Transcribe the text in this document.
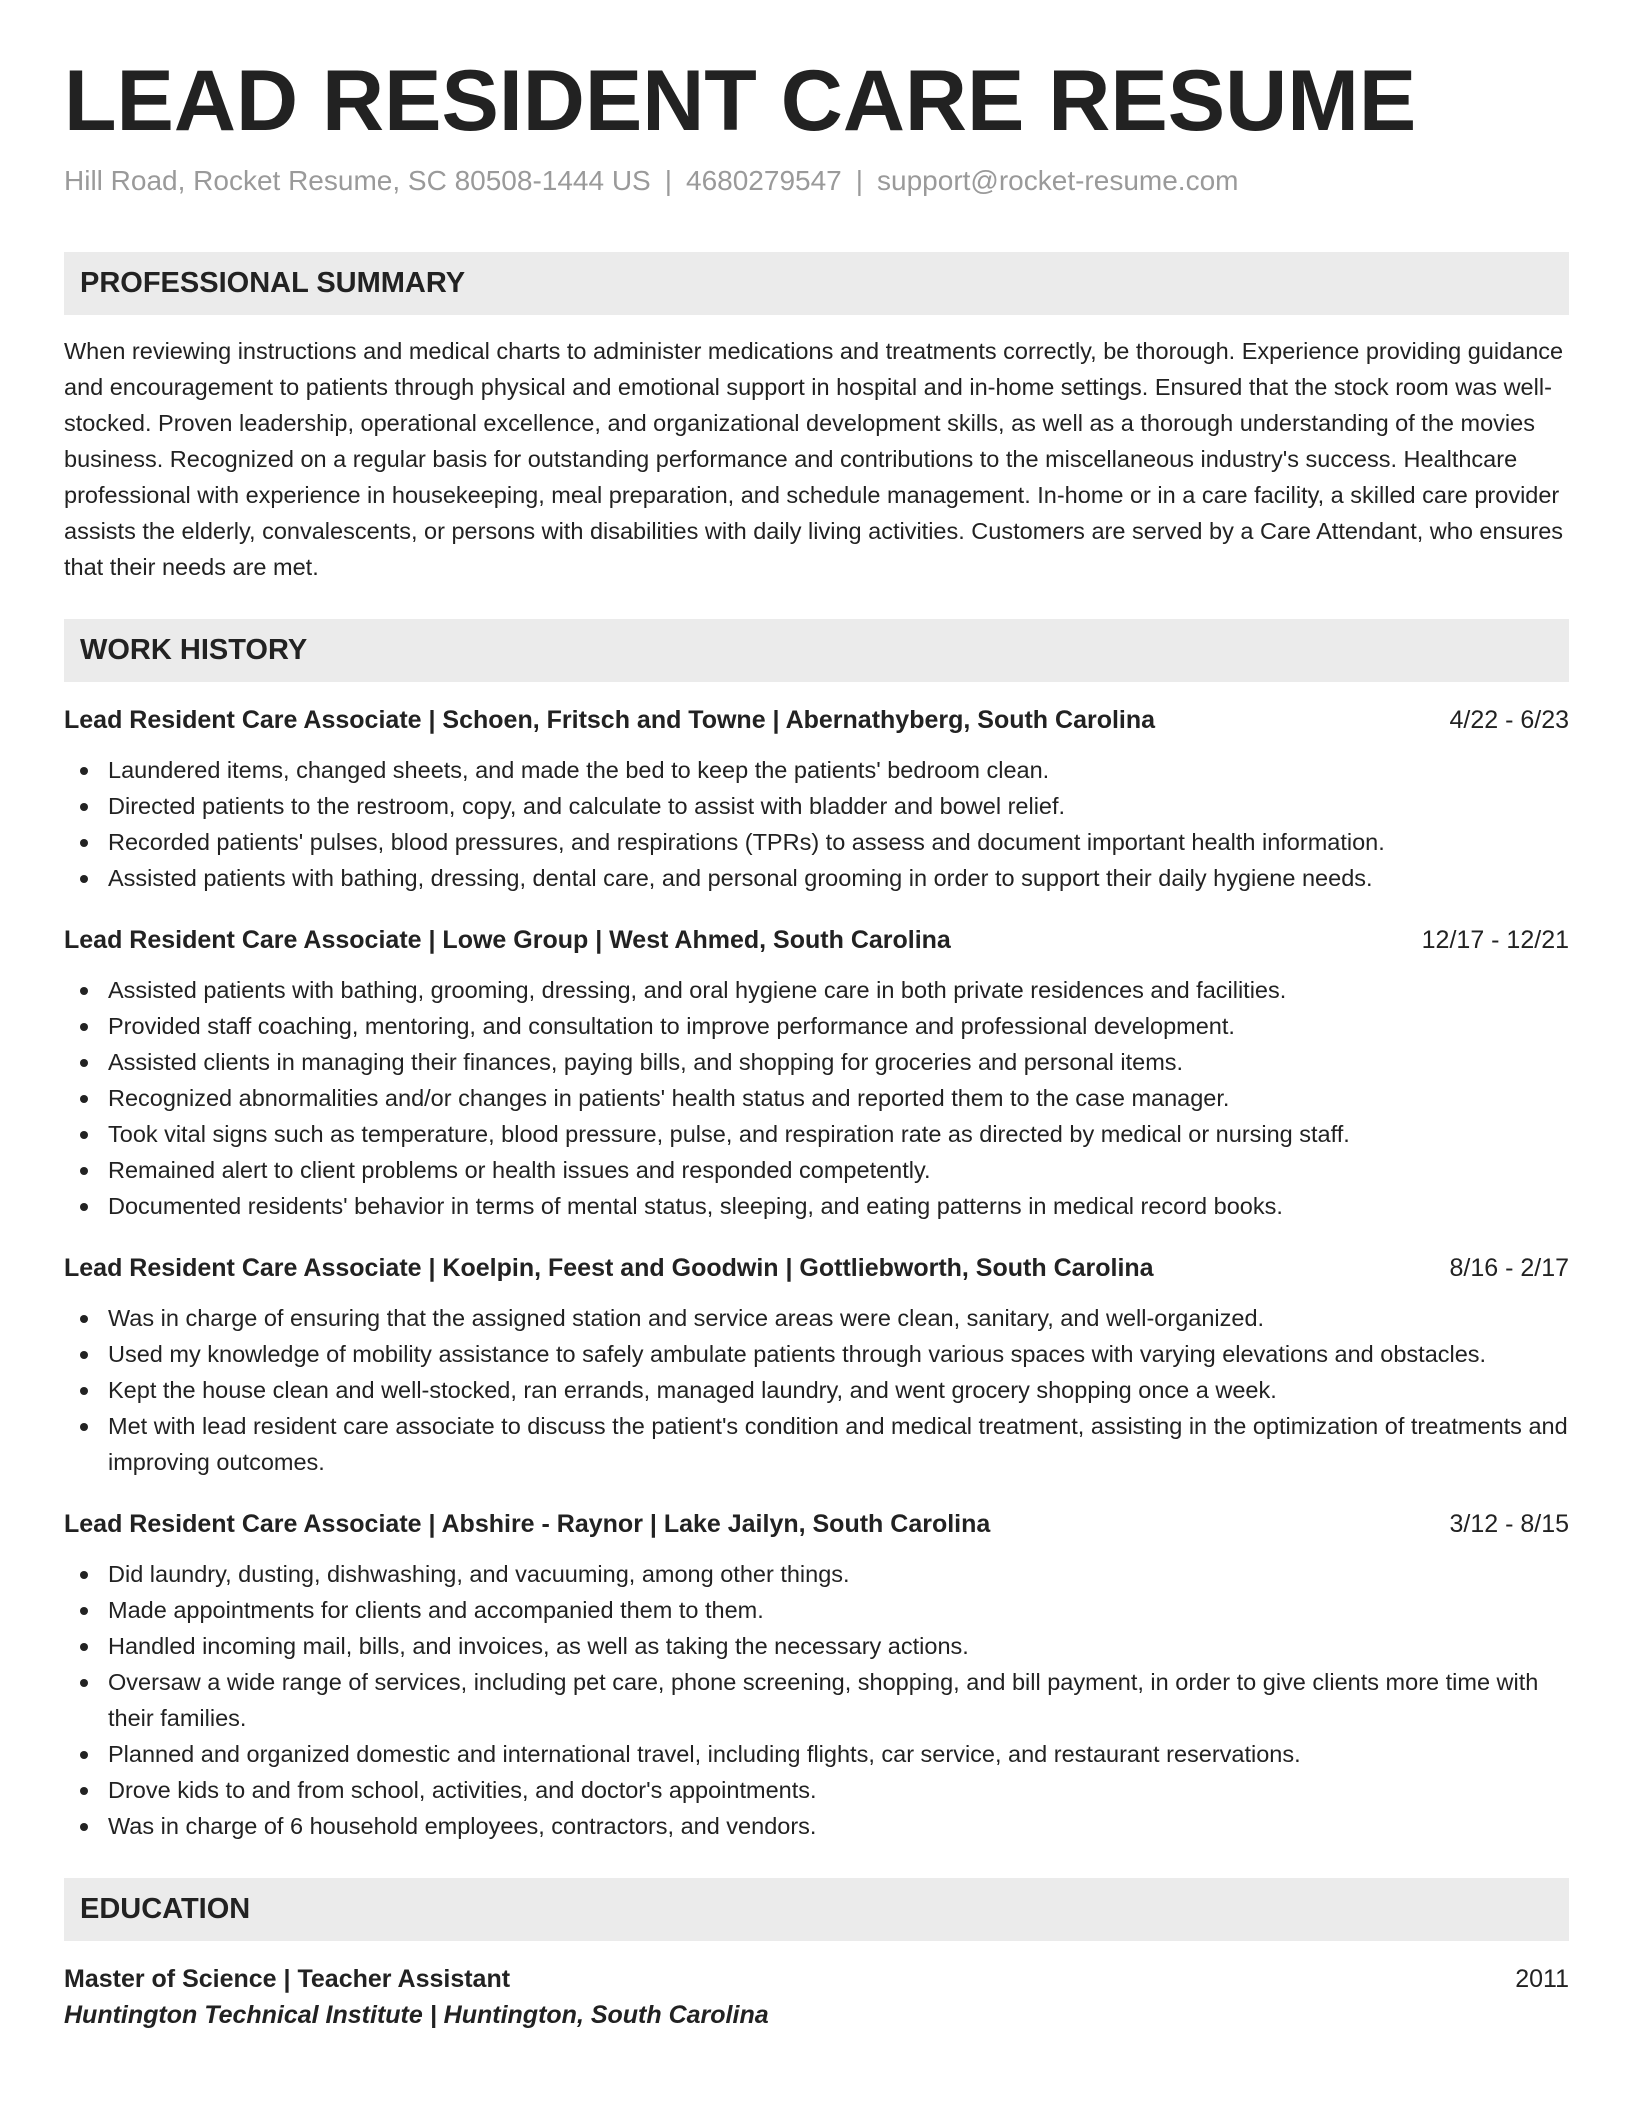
LEAD RESIDENT CARE RESUME
Hill Road, Rocket Resume, SC 80508-1444 US | 4680279547 | support@rocket-resume.com
PROFESSIONAL SUMMARY
When reviewing instructions and medical charts to administer medications and treatments correctly, be thorough. Experience providing guidance and encouragement to patients through physical and emotional support in hospital and in-home settings. Ensured that the stock room was well-stocked. Proven leadership, operational excellence, and organizational development skills, as well as a thorough understanding of the movies business. Recognized on a regular basis for outstanding performance and contributions to the miscellaneous industry's success. Healthcare professional with experience in housekeeping, meal preparation, and schedule management. In-home or in a care facility, a skilled care provider assists the elderly, convalescents, or persons with disabilities with daily living activities. Customers are served by a Care Attendant, who ensures that their needs are met.
WORK HISTORY
Lead Resident Care Associate | Schoen, Fritsch and Towne | Abernathyberg, South Carolina	4/22 - 6/23
Laundered items, changed sheets, and made the bed to keep the patients' bedroom clean.
Directed patients to the restroom, copy, and calculate to assist with bladder and bowel relief.
Recorded patients' pulses, blood pressures, and respirations (TPRs) to assess and document important health information.
Assisted patients with bathing, dressing, dental care, and personal grooming in order to support their daily hygiene needs.
Lead Resident Care Associate | Lowe Group | West Ahmed, South Carolina	12/17 - 12/21
Assisted patients with bathing, grooming, dressing, and oral hygiene care in both private residences and facilities.
Provided staff coaching, mentoring, and consultation to improve performance and professional development.
Assisted clients in managing their finances, paying bills, and shopping for groceries and personal items.
Recognized abnormalities and/or changes in patients' health status and reported them to the case manager.
Took vital signs such as temperature, blood pressure, pulse, and respiration rate as directed by medical or nursing staff.
Remained alert to client problems or health issues and responded competently.
Documented residents' behavior in terms of mental status, sleeping, and eating patterns in medical record books.
Lead Resident Care Associate | Koelpin, Feest and Goodwin | Gottliebworth, South Carolina	8/16 - 2/17
Was in charge of ensuring that the assigned station and service areas were clean, sanitary, and well-organized.
Used my knowledge of mobility assistance to safely ambulate patients through various spaces with varying elevations and obstacles.
Kept the house clean and well-stocked, ran errands, managed laundry, and went grocery shopping once a week.
Met with lead resident care associate to discuss the patient's condition and medical treatment, assisting in the optimization of treatments and improving outcomes.
Lead Resident Care Associate | Abshire - Raynor | Lake Jailyn, South Carolina	3/12 - 8/15
Did laundry, dusting, dishwashing, and vacuuming, among other things.
Made appointments for clients and accompanied them to them.
Handled incoming mail, bills, and invoices, as well as taking the necessary actions.
Oversaw a wide range of services, including pet care, phone screening, shopping, and bill payment, in order to give clients more time with their families.
Planned and organized domestic and international travel, including flights, car service, and restaurant reservations.
Drove kids to and from school, activities, and doctor's appointments.
Was in charge of 6 household employees, contractors, and vendors.
EDUCATION
Master of Science | Teacher Assistant	2011
Huntington Technical Institute | Huntington, South Carolina
